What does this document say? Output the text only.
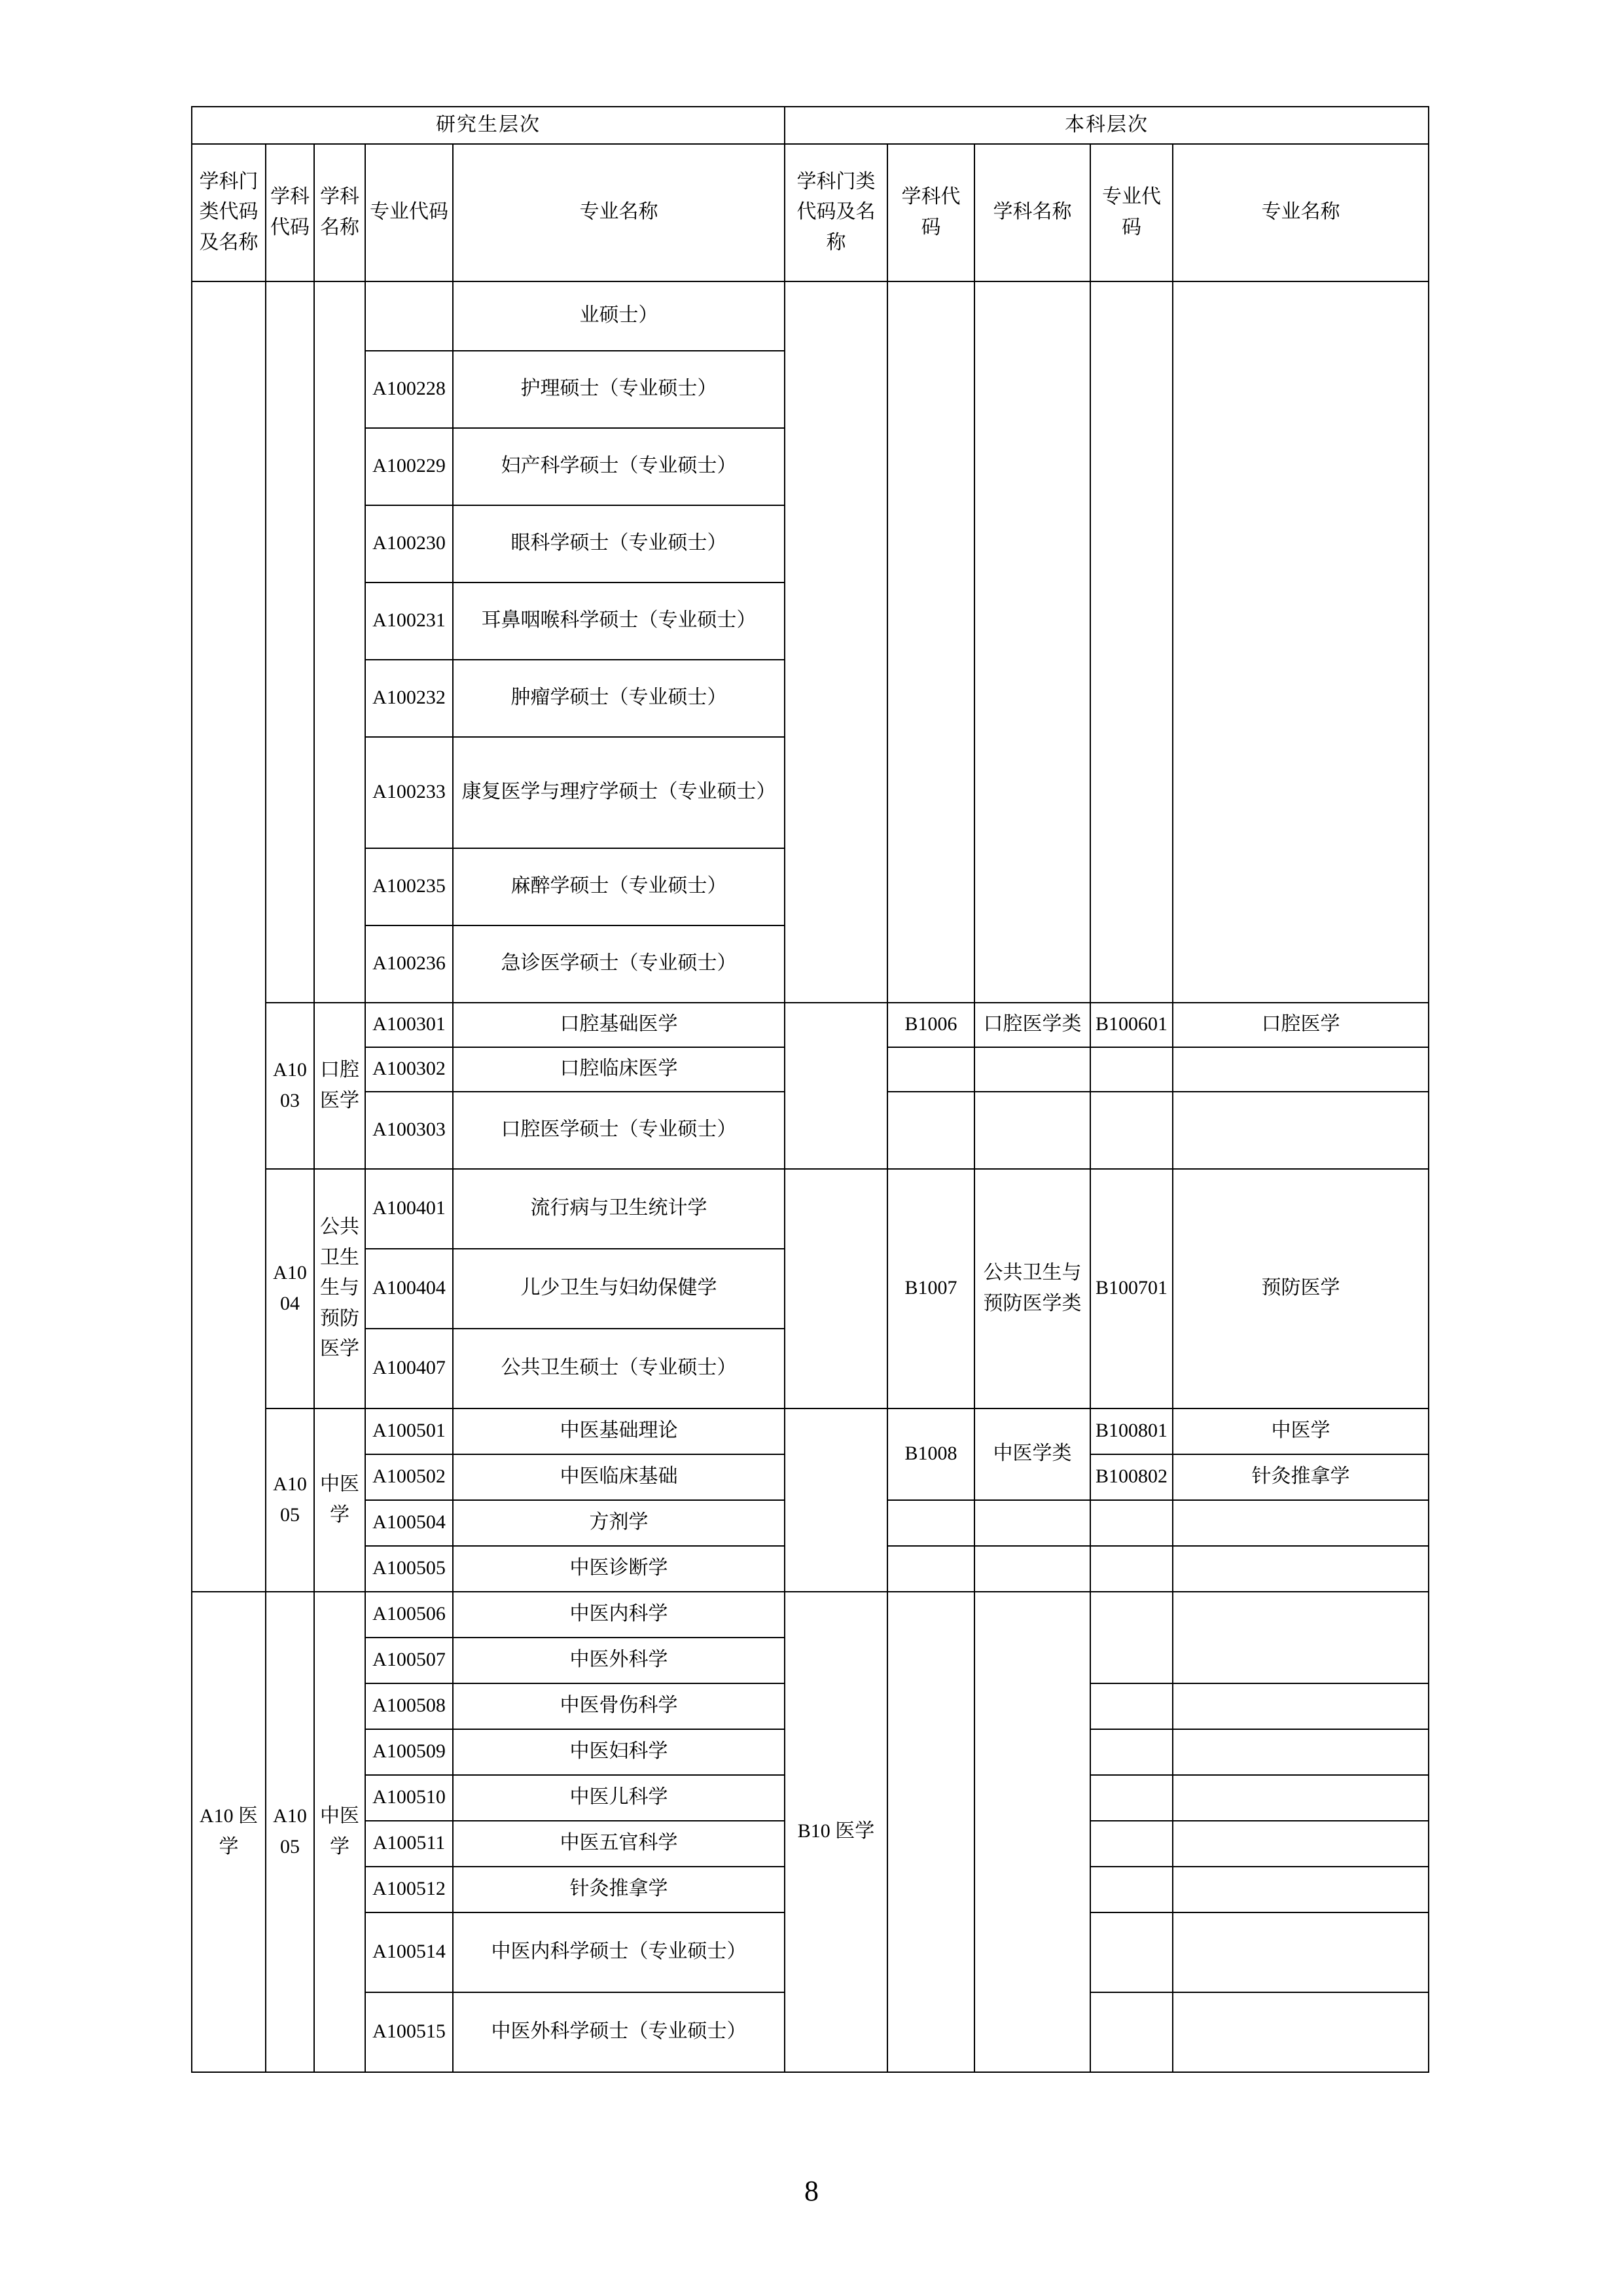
研究生层次					本科层次				
学科门类代码及名称	学科代码	学科名称	专业代码	专业名称	学科门类代码及名称	学科代码	学科名称	专业代码	专业名称
				业硕士）					
			A100228	护理硕士（专业硕士）					
			A100229	妇产科学硕士（专业硕士）					
			A100230	眼科学硕士（专业硕士）					
			A100231	耳鼻咽喉科学硕士（专业硕士）					
			A100232	肿瘤学硕士（专业硕士）					
			A100233	康复医学与理疗学硕士（专业硕士）					
			A100235	麻醉学硕士（专业硕士）					
			A100236	急诊医学硕士（专业硕士）					
	A1003	口腔医学	A100301	口腔基础医学		B1006	口腔医学类	B100601	口腔医学
			A100302	口腔临床医学					
			A100303	口腔医学硕士（专业硕士）					
	A1004	公共卫生生与预防医学	A100401	流行病与卫生统计学		B1007	公共卫生与预防医学类	B100701	预防医学
			A100404	儿少卫生与妇幼保健学					
			A100407	公共卫生硕士（专业硕士）					
	A1005	中医学	A100501	中医基础理论		B1008	中医学类	B100801	中医学
			A100502	中医临床基础				B100802	针灸推拿学
			A100504	方剂学					
			A100505	中医诊断学					
A10 医学	A1005	中医学	A100506	中医内科学	B10 医学				
			A100507	中医外科学					
			A100508	中医骨伤科学					
			A100509	中医妇科学					
			A100510	中医儿科学					
			A100511	中医五官科学					
			A100512	针灸推拿学					
			A100514	中医内科学硕士（专业硕士）					
			A100515	中医外科学硕士（专业硕士）					
8
